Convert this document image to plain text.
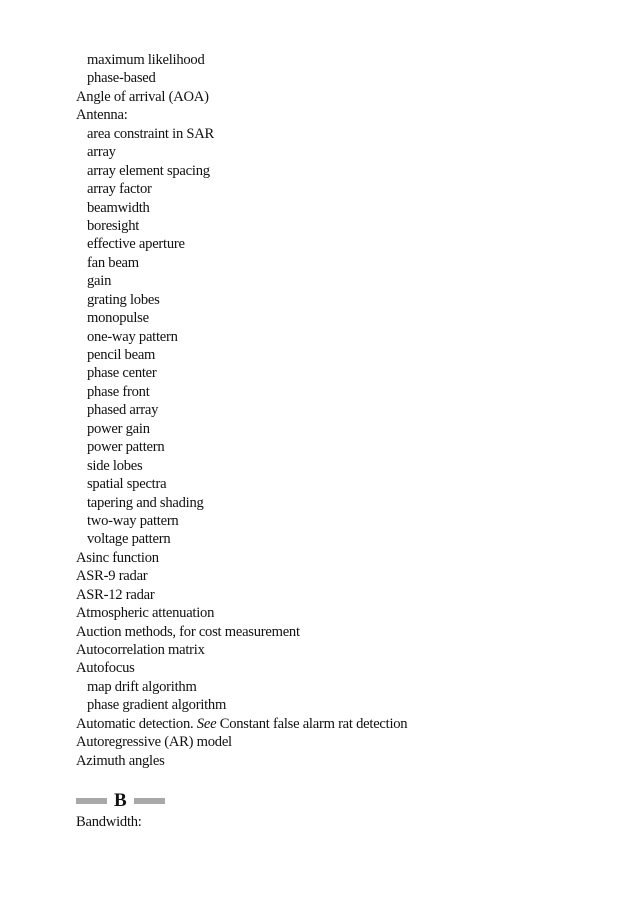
maximum likelihood
phase-based
Angle of arrival (AOA)
Antenna:
area constraint in SAR
array
array element spacing
array factor
beamwidth
boresight
effective aperture
fan beam
gain
grating lobes
monopulse
one-way pattern
pencil beam
phase center
phase front
phased array
power gain
power pattern
side lobes
spatial spectra
tapering and shading
two-way pattern
voltage pattern
Asinc function
ASR-9 radar
ASR-12 radar
Atmospheric attenuation
Auction methods, for cost measurement
Autocorrelation matrix
Autofocus
map drift algorithm
phase gradient algorithm
Automatic detection. See Constant false alarm rat detection
Autoregressive (AR) model
Azimuth angles
B
Bandwidth:
